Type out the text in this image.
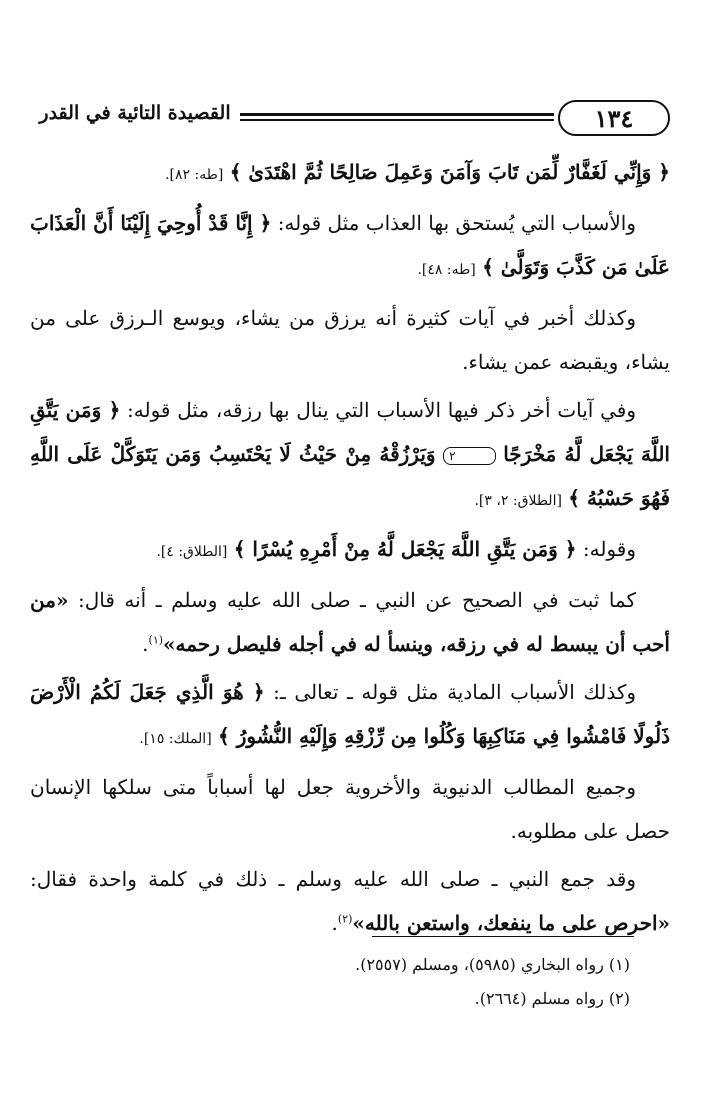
القصيدة التائية في القدر	١٣٤

﴿ وَإِنِّي لَغَفَّارٌ لِّمَن تَابَ وَآمَنَ وَعَمِلَ صَالِحًا ثُمَّ اهْتَدَىٰ ﴾ [طه: ٨٢].

والأسباب التي يُستحق بها العذاب مثل قوله: ﴿ إِنَّا قَدْ أُوحِيَ إِلَيْنَا أَنَّ الْعَذَابَ عَلَىٰ مَن كَذَّبَ وَتَوَلَّىٰ ﴾ [طه: ٤٨].

وكذلك أخبر في آيات كثيرة أنه يرزق من يشاء، ويوسع الـرزق على من يشاء، ويقبضه عمن يشاء.

وفي آيات أخر ذكر فيها الأسباب التي ينال بها رزقه، مثل قوله: ﴿ وَمَن يَتَّقِ اللَّهَ يَجْعَل لَّهُ مَخْرَجًا ٢ وَيَرْزُقْهُ مِنْ حَيْثُ لَا يَحْتَسِبُ وَمَن يَتَوَكَّلْ عَلَى اللَّهِ فَهُوَ حَسْبُهُ ﴾ [الطلاق: ٢، ٣].

وقوله: ﴿ وَمَن يَتَّقِ اللَّهَ يَجْعَل لَّهُ مِنْ أَمْرِهِ يُسْرًا ﴾ [الطلاق: ٤].

كما ثبت في الصحيح عن النبي ـ صلى الله عليه وسلم ـ أنه قال: «من أحب أن يبسط له في رزقه، وينسأ له في أجله فليصل رحمه»$^{(١)}$.

وكذلك الأسباب المادية مثل قوله ـ تعالى ـ: ﴿ هُوَ الَّذِي جَعَلَ لَكُمُ الْأَرْضَ ذَلُولًا فَامْشُوا فِي مَنَاكِبِهَا وَكُلُوا مِن رِّزْقِهِ وَإِلَيْهِ النُّشُورُ ﴾ [الملك: ١٥].

وجميع المطالب الدنيوية والأخروية جعل لها أسباباً متى سلكها الإنسان حصل على مطلوبه.

وقد جمع النبي ـ صلى الله عليه وسلم ـ ذلك في كلمة واحدة فقال: «احرص على ما ينفعك، واستعن بالله»$^{(٢)}$.

(١) رواه البخاري (٥٩٨٥)، ومسلم (٢٥٥٧).

(٢) رواه مسلم (٢٦٦٤).
